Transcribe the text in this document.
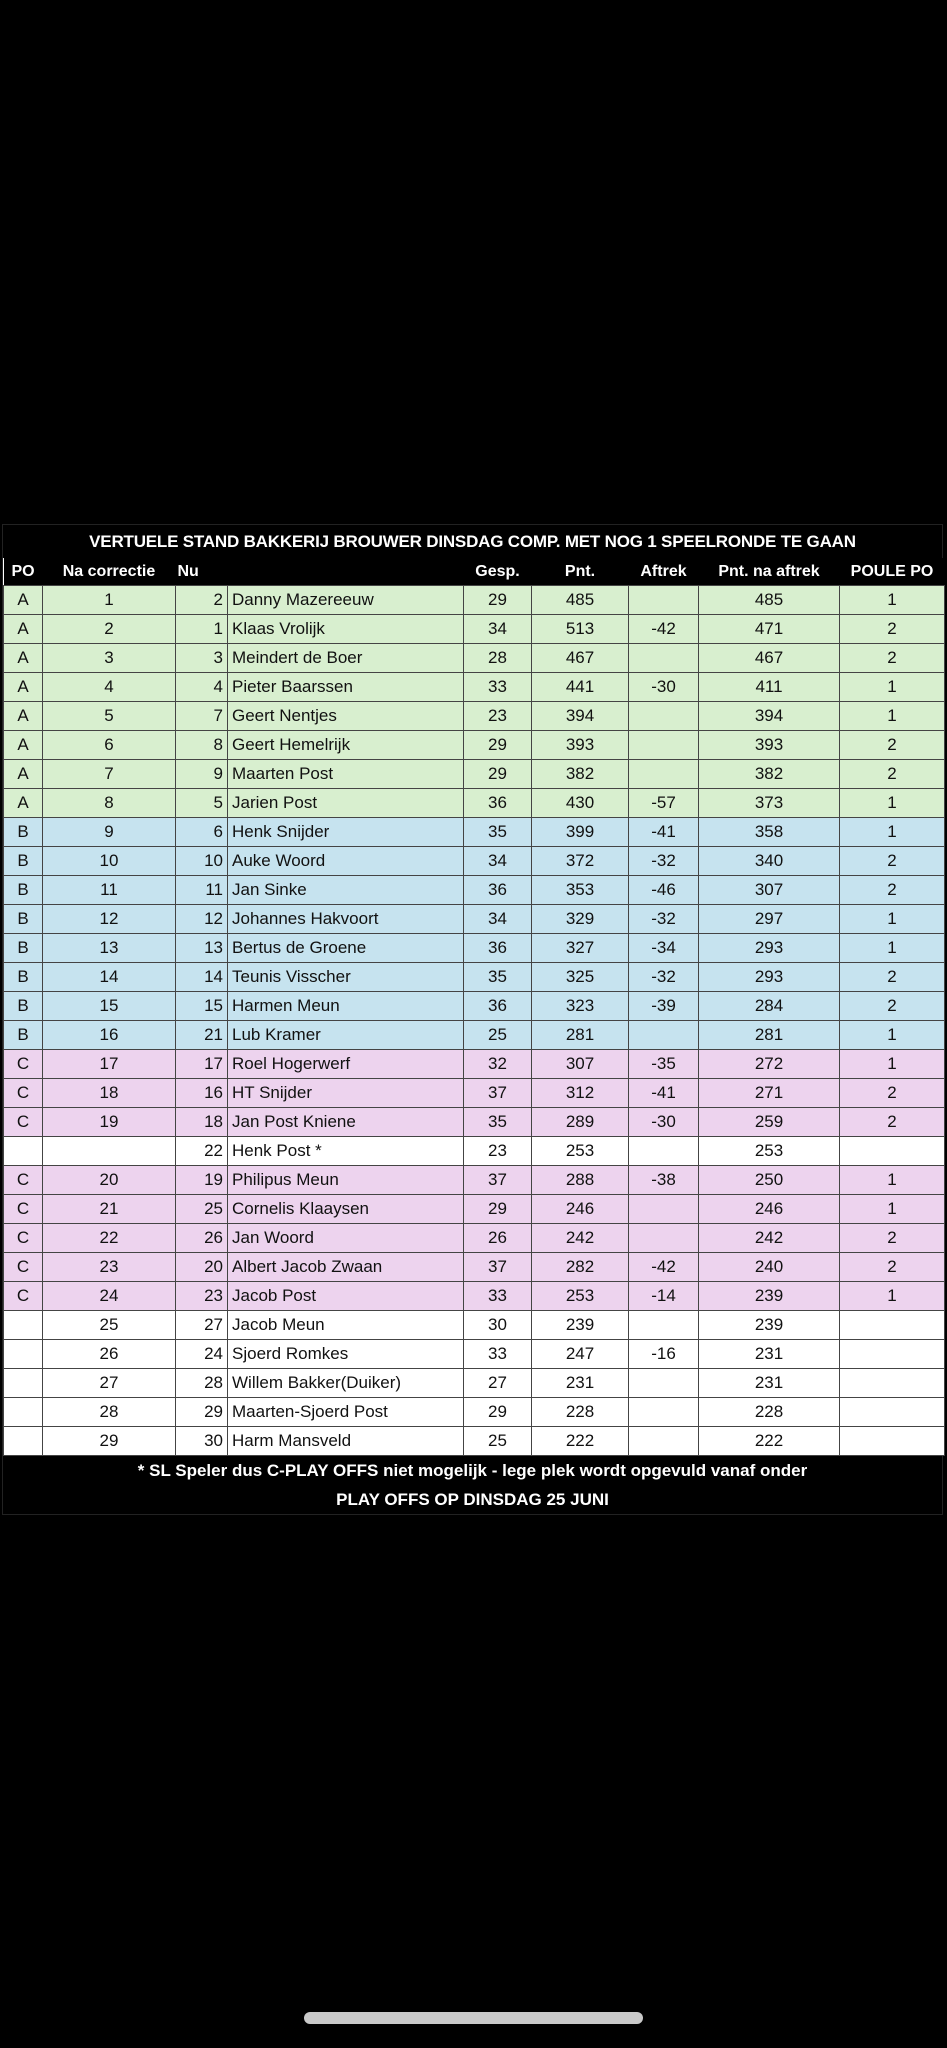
VERTUELE STAND BAKKERIJ BROUWER DINSDAG COMP. MET NOG 1 SPEELRONDE TE GAAN
PO	Na correctie	Nu		Gesp.	Pnt.	Aftrek	Pnt. na aftrek	POULE PO
A	1	2	Danny Mazereeuw	29	485		485	1
A	2	1	Klaas Vrolijk	34	513	-42	471	2
A	3	3	Meindert de Boer	28	467		467	2
A	4	4	Pieter Baarssen	33	441	-30	411	1
A	5	7	Geert Nentjes	23	394		394	1
A	6	8	Geert Hemelrijk	29	393		393	2
A	7	9	Maarten Post	29	382		382	2
A	8	5	Jarien Post	36	430	-57	373	1
B	9	6	Henk Snijder	35	399	-41	358	1
B	10	10	Auke Woord	34	372	-32	340	2
B	11	11	Jan Sinke	36	353	-46	307	2
B	12	12	Johannes Hakvoort	34	329	-32	297	1
B	13	13	Bertus de Groene	36	327	-34	293	1
B	14	14	Teunis Visscher	35	325	-32	293	2
B	15	15	Harmen Meun	36	323	-39	284	2
B	16	21	Lub Kramer	25	281		281	1
C	17	17	Roel Hogerwerf	32	307	-35	272	1
C	18	16	HT Snijder	37	312	-41	271	2
C	19	18	Jan Post Kniene	35	289	-30	259	2
		22	Henk Post *	23	253		253	
C	20	19	Philipus Meun	37	288	-38	250	1
C	21	25	Cornelis Klaaysen	29	246		246	1
C	22	26	Jan Woord	26	242		242	2
C	23	20	Albert Jacob Zwaan	37	282	-42	240	2
C	24	23	Jacob Post	33	253	-14	239	1
	25	27	Jacob Meun	30	239		239	
	26	24	Sjoerd Romkes	33	247	-16	231	
	27	28	Willem Bakker(Duiker)	27	231		231	
	28	29	Maarten-Sjoerd Post	29	228		228	
	29	30	Harm Mansveld	25	222		222	
* SL Speler dus C-PLAY OFFS niet mogelijk - lege plek wordt opgevuld vanaf onder
PLAY OFFS OP DINSDAG 25 JUNI
